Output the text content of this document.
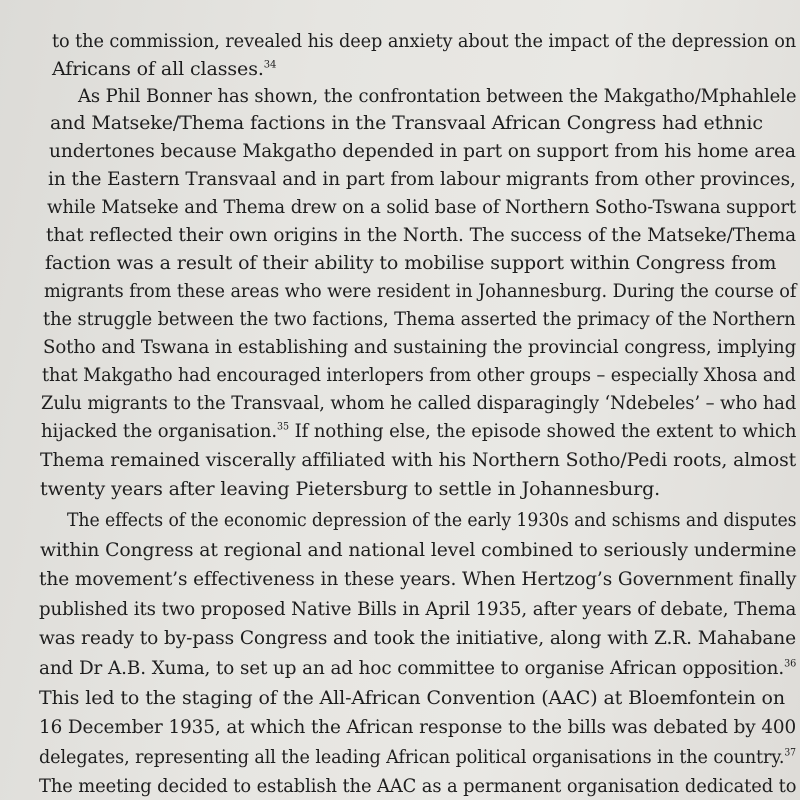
to the commission, revealed his deep anxiety about the impact of the depression on
Africans of all classes.$^{34}$
As Phil Bonner has shown, the confrontation between the Makgatho/Mphahlele
and Matseke/Thema factions in the Transvaal African Congress had ethnic
undertones because Makgatho depended in part on support from his home area
in the Eastern Transvaal and in part from labour migrants from other provinces,
while Matseke and Thema drew on a solid base of Northern Sotho-Tswana support
that reflected their own origins in the North. The success of the Matseke/Thema
faction was a result of their ability to mobilise support within Congress from
migrants from these areas who were resident in Johannesburg. During the course of
the struggle between the two factions, Thema asserted the primacy of the Northern
Sotho and Tswana in establishing and sustaining the provincial congress, implying
that Makgatho had encouraged interlopers from other groups – especially Xhosa and
Zulu migrants to the Transvaal, whom he called disparagingly ‘Ndebeles’ – who had
hijacked the organisation.$^{35}$ If nothing else, the episode showed the extent to which
Thema remained viscerally affiliated with his Northern Sotho/Pedi roots, almost
twenty years after leaving Pietersburg to settle in Johannesburg.
The effects of the economic depression of the early 1930s and schisms and disputes
within Congress at regional and national level combined to seriously undermine
the movement’s effectiveness in these years. When Hertzog’s Government finally
published its two proposed Native Bills in April 1935, after years of debate, Thema
was ready to by-pass Congress and took the initiative, along with Z.R. Mahabane
and Dr A.B. Xuma, to set up an ad hoc committee to organise African opposition.$^{36}$
This led to the staging of the All-African Convention (AAC) at Bloemfontein on
16 December 1935, at which the African response to the bills was debated by 400
delegates, representing all the leading African political organisations in the country.$^{37}$
The meeting decided to establish the AAC as a permanent organisation dedicated to
